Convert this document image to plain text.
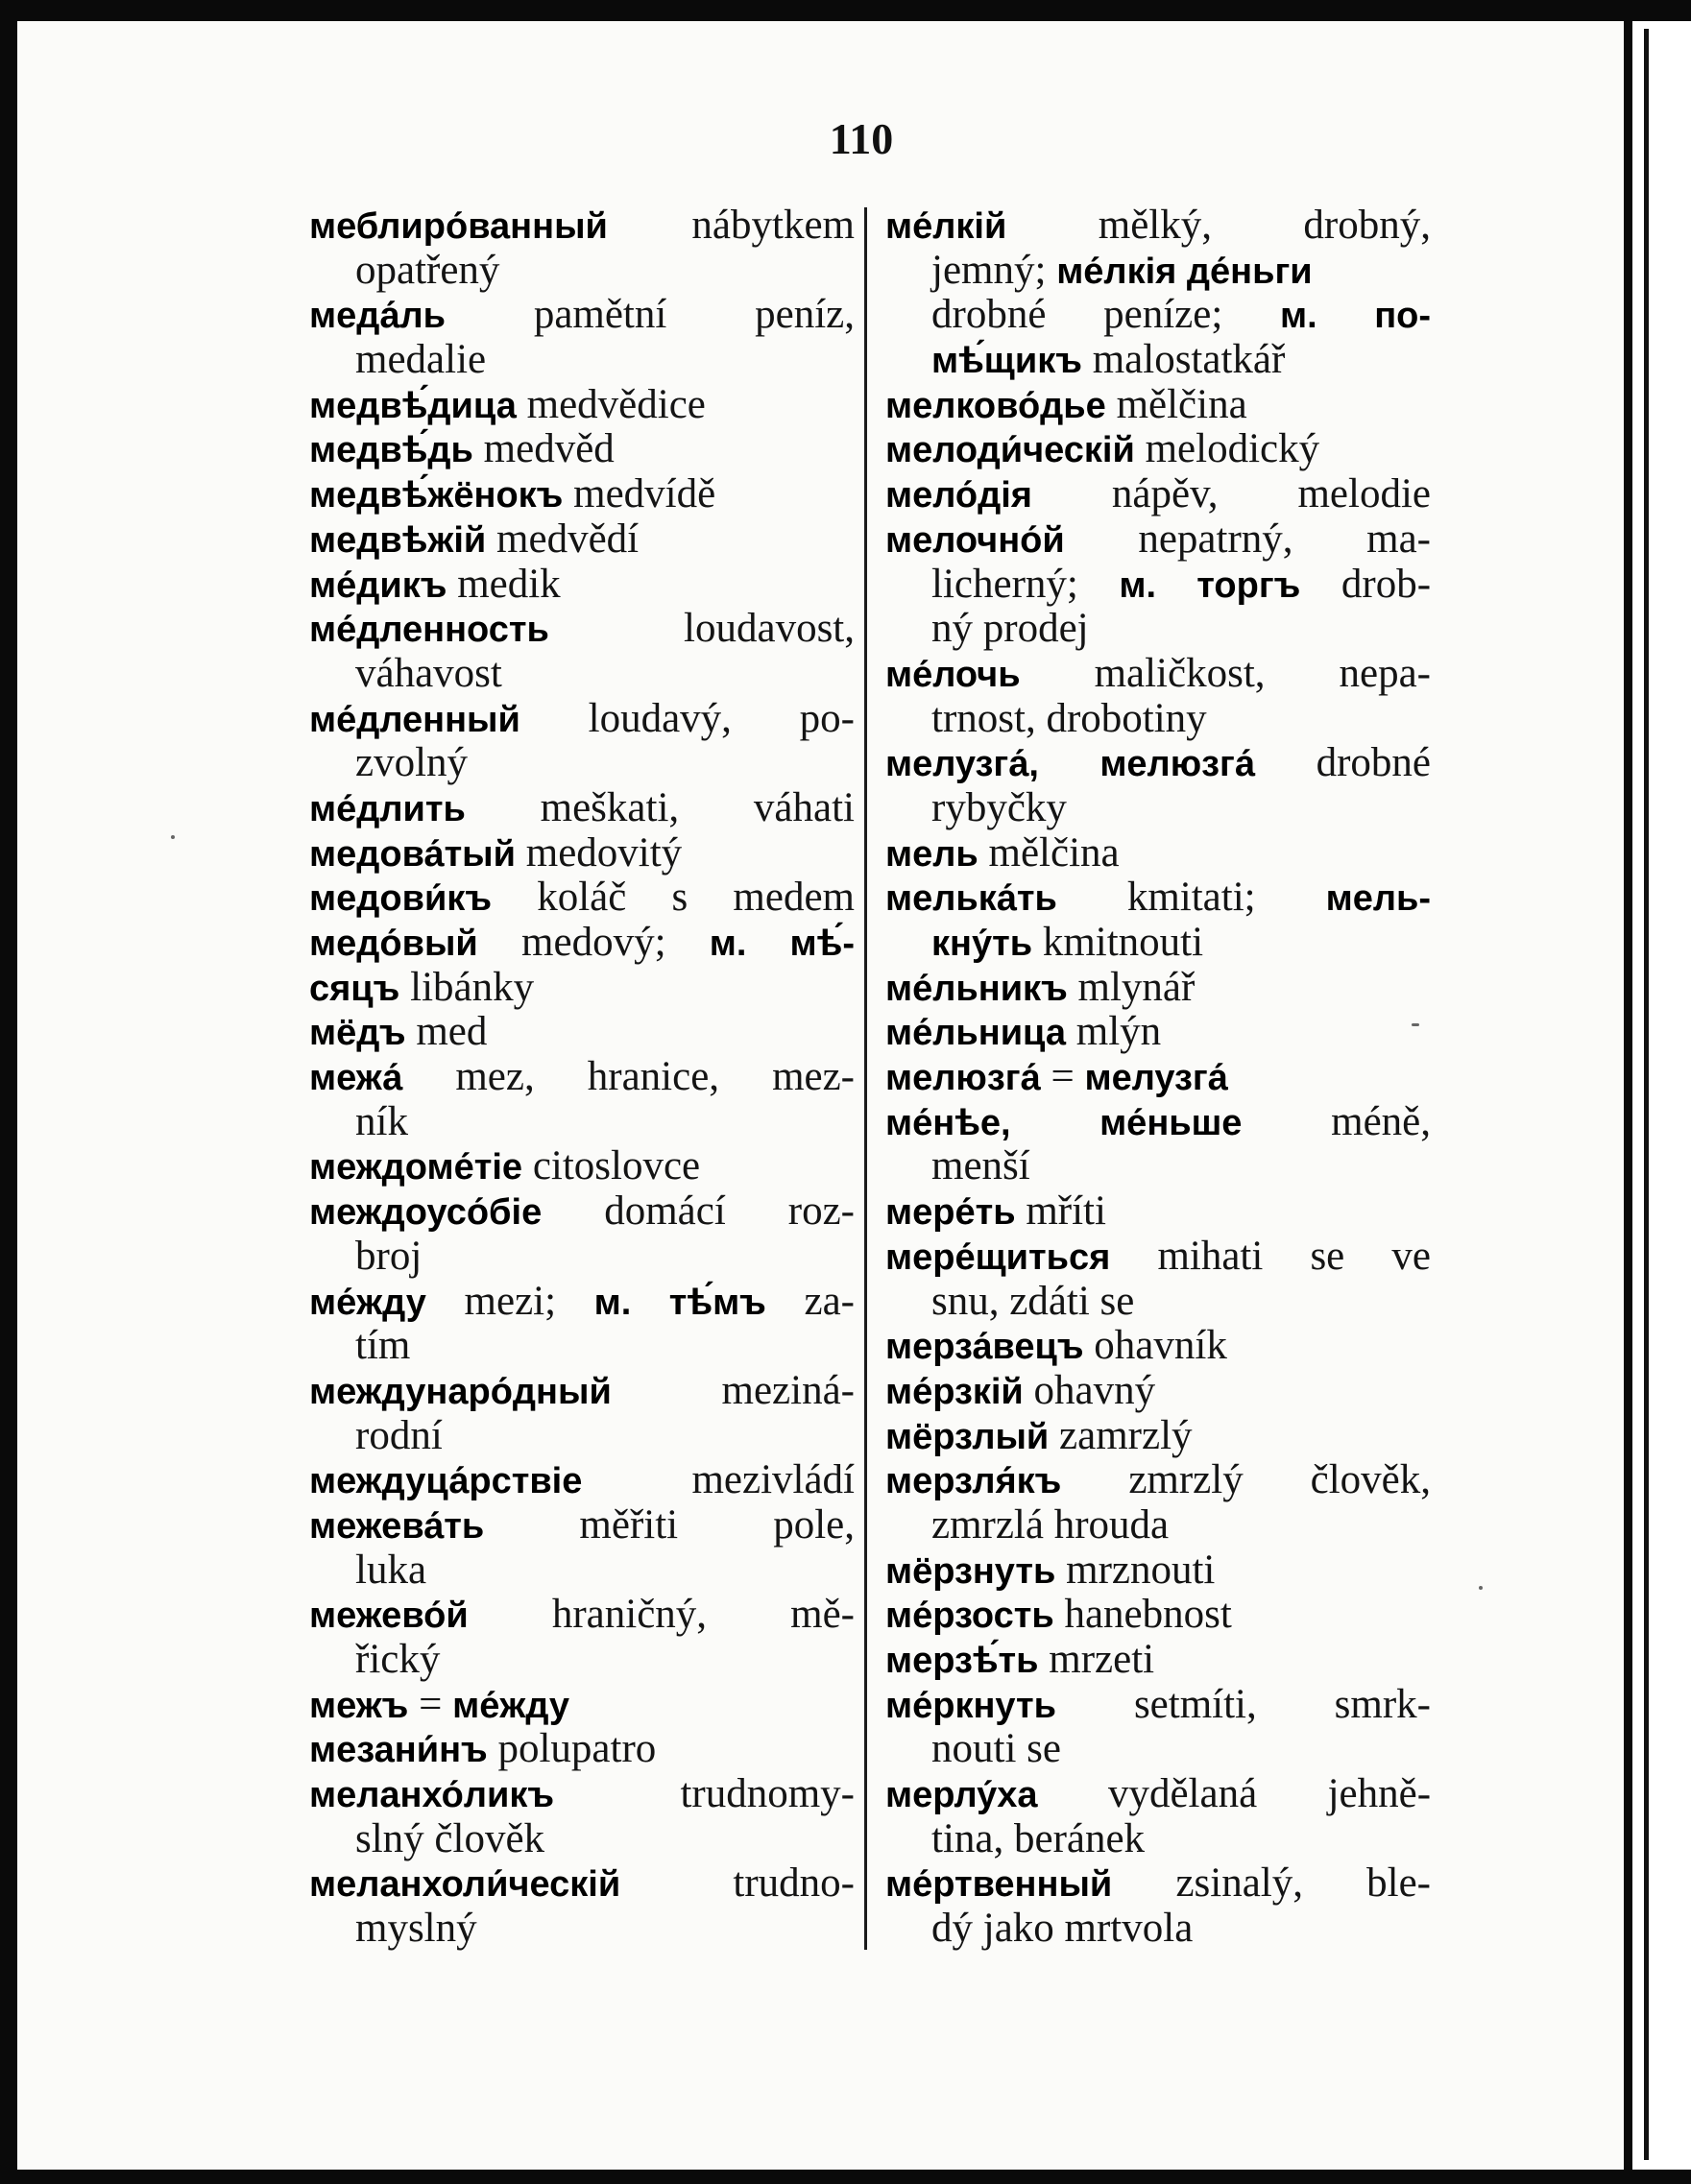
110
меблиро́ванный nábytkem
opatřený
меда́ль pamětní peníz,
medalie
медвѣ́дица medvědice
медвѣ́дь medvěd
медвѣ́жёнокъ medvídě
медвѣжій medvědí
ме́дикъ medik
ме́дленность	loudavost,
váhavost
ме́дленный loudavý, po-
zvolný
ме́длить meškati, váhati
медова́тый medovitý
медови́къ koláč s medem
медо́вый medový; м. мѣ́-
сяцъ libánky
мёдъ med
межа́ mez, hranice, mez-
ník
междоме́тіе citoslovce
междоусо́біе domácí roz-
broj
ме́жду mezi; м. тѣ́мъ za-
tím
междунаро́дный	meziná-
rodní
междуца́рствіе	mezivládí
межева́ть měřiti pole,
luka
межево́й hraničný, mě-
řický
межъ = ме́жду
мезани́нъ polupatro
меланхо́ликъ	trudnomy-
slný člověk
меланхоли́ческій	trudno-
myslný
ме́лкій mělký, drobný,
jemný; ме́лкія де́ньги
drobné peníze; м. по-
мѣ́щикъ malostatkář
мелково́дье mělčina
мелоди́ческій melodický
мело́дія nápěv, melodie
мелочно́й nepatrný, ma-
licherný; м. торгъ drob-
ný prodej
ме́лочь maličkost, nepa-
trnost, drobotiny
мелузга́, мелюзга́ drobné
rybyčky
мель mělčina
мелька́ть kmitati; мель-
кну́ть kmitnouti
ме́льникъ mlynář
ме́льница mlýn
мелюзга́ = мелузга́
ме́нѣе, ме́ньше méně,
menší
мере́ть mříti
мере́щиться mihati se ve
snu, zdáti se
мерза́вецъ ohavník
ме́рзкій ohavný
мёрзлый zamrzlý
мерзля́къ zmrzlý člověk,
zmrzlá hrouda
мёрзнуть mrznouti
ме́рзость hanebnost
мерзѣ́ть mrzeti
ме́ркнуть setmíti, smrk-
nouti se
мерлу́ха vydělaná jehně-
tina, beránek
ме́ртвенный zsinalý, ble-
dý jako mrtvola
